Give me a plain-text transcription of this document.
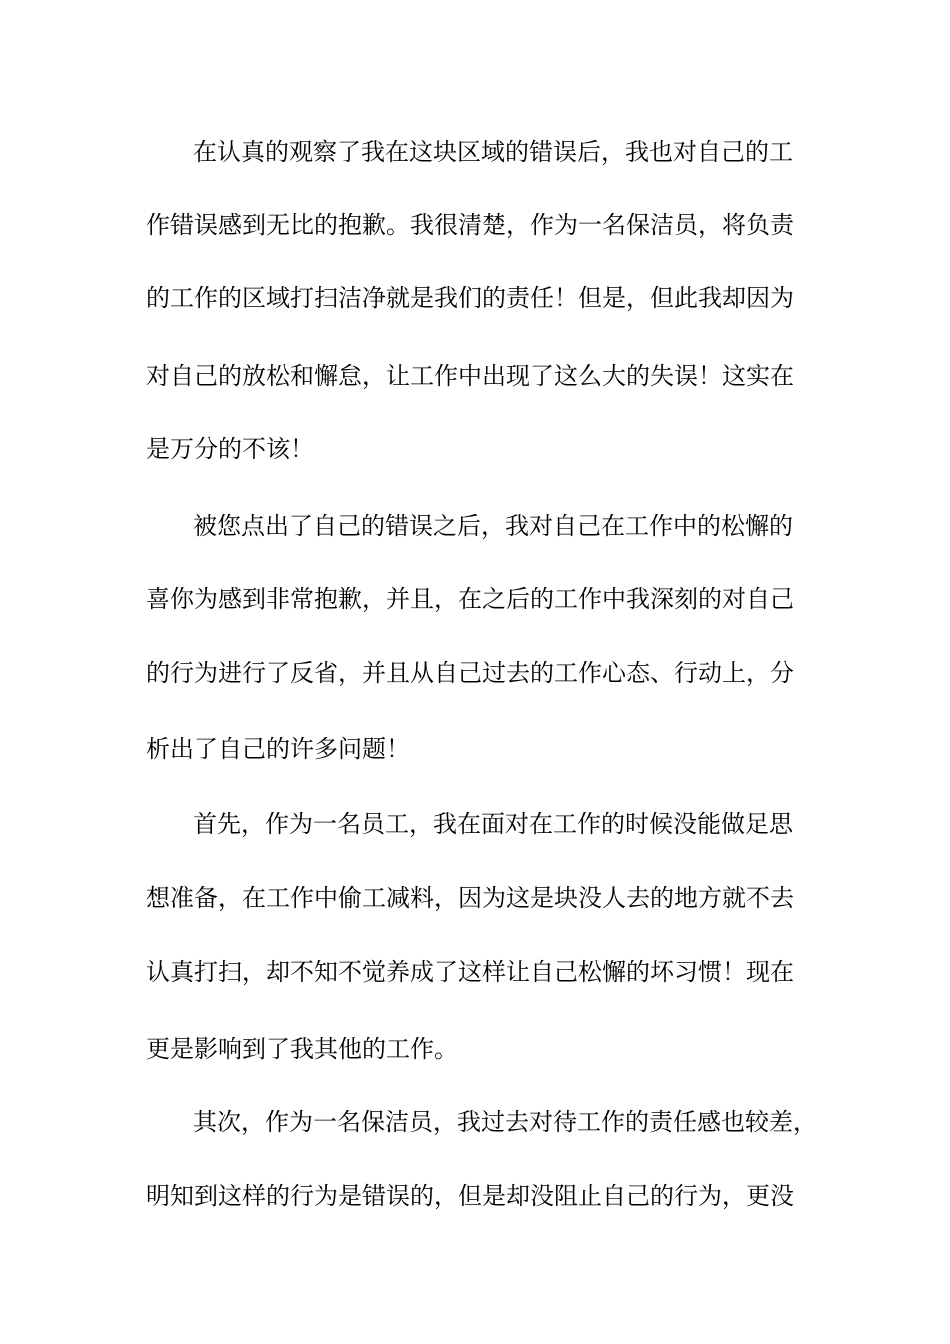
在认真的观察了我在这块区域的错误后，我也对自己的工
作错误感到无比的抱歉。我很清楚，作为一名保洁员，将负责
的工作的区域打扫洁净就是我们的责任！但是，但此我却因为
对自己的放松和懈怠，让工作中出现了这么大的失误！这实在
是万分的不该！
被您点出了自己的错误之后，我对自己在工作中的松懈的
喜你为感到非常抱歉，并且，在之后的工作中我深刻的对自己
的行为进行了反省，并且从自己过去的工作心态、行动上，分
析出了自己的许多问题！
首先，作为一名员工，我在面对在工作的时候没能做足思
想准备，在工作中偷工减料，因为这是块没人去的地方就不去
认真打扫，却不知不觉养成了这样让自己松懈的坏习惯！现在
更是影响到了我其他的工作。
其次，作为一名保洁员，我过去对待工作的责任感也较差，
明知到这样的行为是错误的，但是却没阻止自己的行为，更没
